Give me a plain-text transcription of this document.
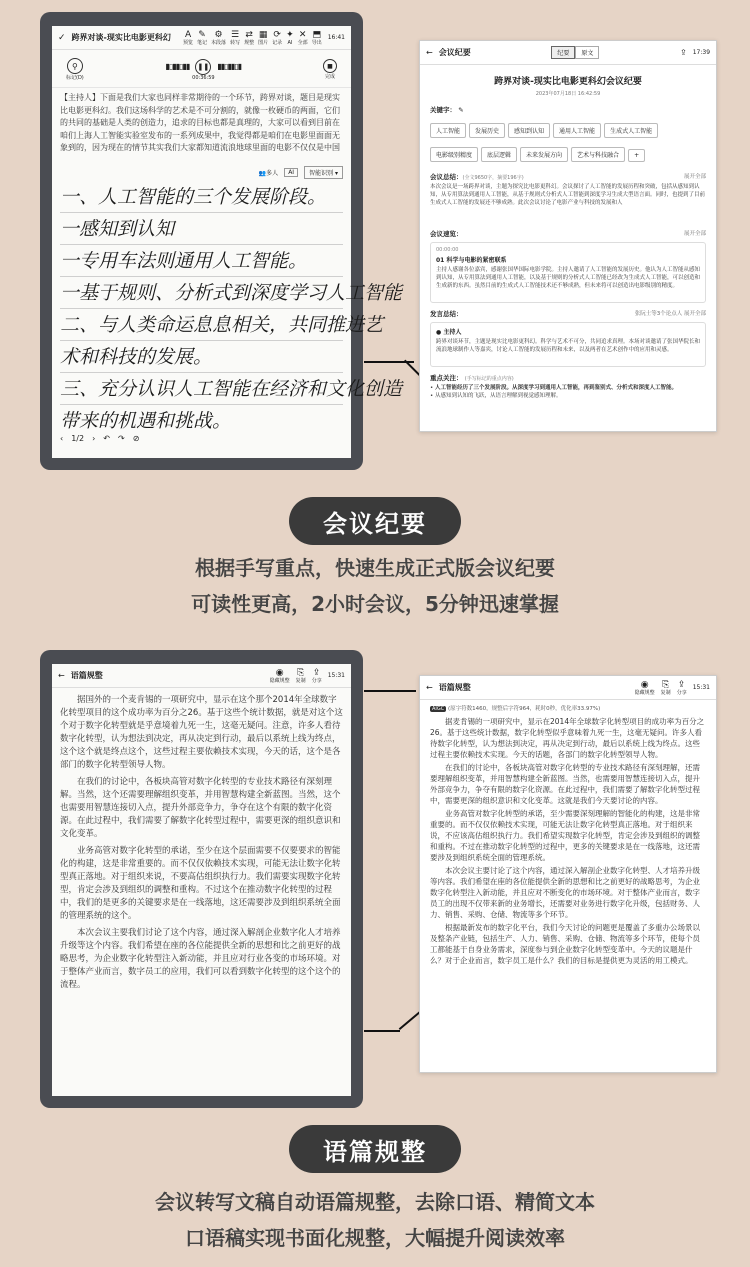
✓ 跨界对谈-现实比电影更科幻 A
预览
✎
笔记
⚙
本段落
☰
转写
⇄
规整
▦
图片
⟳
记录
✦
AI
✕
全部
⬒
导出
16:41
⚲
标记(D)
▮▯▮▮▯▮▮	❚❚ ▮▮▯▮▮▯▮
00:36:59
■
完成
【主持人】下面是我们大家也同样非常期待的一个环节，跨界对谈，题目是现实比电影更科幻。我们这场科学的艺术是不可分割的，就像一枚硬币的两面，它们的共同的基础是人类的创造力，追求的目标也都是真理的，大家可以看到目前在咱们上海人工智能实验室发布的一系列成果中，我觉得都是咱们在电影里面面无象到的，因为现在的情节其实我们大家都知道流浪地球里面的电影不仅仅是中国
👥多人	AI	智能识别 ▾
一、人工智能的三个发展阶段。
一感知到认知
一专用车法则通用人工智能。
一基于规则、分析式到深度学习人工智能
二、与人类命运息息相关，共同推进艺
术和科技的发展。
三、充分认识人工智能在经济和文化创造
带来的机遇和挑战。
‹ 1/2 › ↶ ↷ ⊘
← 会议纪要	纪要	原文	⇪ 17:39
跨界对谈-现实比电影更科幻会议纪要
2023年07月18日 16:42:59
关键字： ✎
人工智能	发展历史	感知到认知	通用人工智能	生成式人工智能电影级别精度	底层逻辑	未来发展方向	艺术与科技融合	+
会议总结：(全文9650字，摘要196字)	展开全部
本次会议是一场跨界对谈，主题为探究比电影更科幻。会议探讨了人工智能的发展历程和突破，包括从感知到认知，从专用算法到通用人工智能，从基于规则式分析式人工智能到深度学习生成大型语言面。同时，也提到了目前生成式人工智能的发展还不够成熟。此次会议讨论了电影产业与科技的发展和人
会议速览：	展开全部
00:00:00
01 科学与电影的紧密联系
主持人感谢各位嘉宾，感谢张国华国际电影学院。主持人邀请了人工智能的发展历史。他认为人工智能从感知到认知，从专用算法到通用人工智能，以及基于规则的分析式人工智能已经改为生成式人工智能，可以创造和生成新的东西。虽然目前的生成式人工智能技术还不够成熟，但未来将可以创造出电影级别的精度。
发言总结：	张阮士等3个论点人 展开全部
● 主持人
跨界对谈环节，主题是现实比电影更科幻。科学与艺术不可分，共同追求真理。本场对谈邀请了张国华院长和流浪地球制作人等嘉宾，讨论人工智能的发展历程和未来，以及两者在艺术创作中的应用和灵感。
重点关注： (手写标记的重点内容)
• 人工智能经历了三个发展阶段。从深度学习到通用人工智能，再到鉴别式、分析式和深度人工智能。
• 从感知到认知的飞跃，从语言理解到视觉感知理解。
会议纪要
根据手写重点，快速生成正式版会议纪要
可读性更高，2小时会议，5分钟迅速掌握
← 语篇规整	◉
隐藏规整
⎘
复制
⇪
分享
15:31
据国外的一个麦肯锡的一项研究中，显示在这个那个2014年全球数字化转型项目的这个成功率为百分之26。基于这些个统计数据，就是对这个这个对于数字化转型就是乎意境着九死一生，这毫无疑问。注意，许多人看待数字化转型，认为想法到决定，再从决定到行动，最后以系统上线为终点，这个这个就是终点这个，这些过程主要依赖技术实现，今天的话，这个是各部门的数字化转型领导人物。
在我们的讨论中，各板块高管对数字化转型的专业技术路径有深刻理解。当然，这个还需要理解组织变革，并用智慧构建全新蓝图。当然，这个也需要用智慧连接切入点，提升外部竞争力，争夺在这个有限的数字化资源。在此过程中，我们需要了解数字化转型过程中，需要更深的组织意识和文化变革。
业务高管对数字化转型的承诺，至少在这个层面需要不仅要要求的智能化的构建，这是非常重要的。而不仅仅依赖技术实现，可能无法让数字化转型真正落地。对于组织来说，不要高估组织执行力。我们需要实现数字化转型，肯定会涉及到组织的调整和重构。不过这个在推动数字化转型的过程中，我们的是更多的关键要求是在一线落地，这还需要涉及到组织系统全面的管理系统的这个。
本次会议主要我们讨论了这个内容，通过深入解剖企业数字化人才培养升级等这个内容。我们希望在座的各位能提供全新的思想和比之前更好的战略思考，为企业数字化转型注入新动能，并且应对行业各变的市场环境。对于整体产业而言，数字员工的应用，我们可以看到数字化转型的这个这个的流程。
← 语篇规整	◉
隐藏规整
⎘
复制
⇪
分享
15:31
AIGC (原字符数1460，规整后字符964，耗时0秒，优化率33.97%)
据麦肯锡的一项研究中，显示在2014年全球数字化转型项目的成功率为百分之26。基于这些统计数据，数字化转型似乎意味着九死一生，这毫无疑问。许多人看待数字化转型，认为想法到决定，再从决定到行动，最后以系统上线为终点。这些过程主要依赖技术实现。今天的话题，各部门的数字化转型领导人物。
在我们的讨论中，各板块高管对数字化转型的专业技术路径有深刻理解，还需要理解组织变革，并用智慧构建全新蓝图。当然，也需要用智慧连接切入点，提升外部竞争力，争夺有限的数字化资源。在此过程中，我们需要了解数字化转型过程中，需要更深的组织意识和文化变革。这就是我们今天要讨论的内容。
业务高管对数字化转型的承诺，至少需要深刻理解的智能化的构建，这是非常重要的。而不仅仅依赖技术实现，可能无法让数字化转型真正落地。对于组织来说，不应该高估组织执行力。我们希望实现数字化转型，肯定会涉及到组织的调整和重构。不过在推动数字化转型的过程中，更多的关键要求是在一线落地，这还需要涉及到组织系统全面的管理系统。
本次会议主要讨论了这个内容，通过深入解剖企业数字化转型、人才培养升级等内容。我们希望在座的各位能提供全新的思想和比之前更好的战略思考，为企业数字化转型注入新动能，并且应对不断变化的市场环境。对于整体产业而言，数字员工的出现不仅带来新的业务增长，还需要对业务进行数字化升级，包括财务、人力、销售、采购、仓储、物流等多个环节。
根据最新发布的数字化平台，我们今天讨论的问题更是覆盖了多重办公场景以及整条产业链，包括生产、人力、销售、采购、仓储、物流等多个环节，使每个员工都能基于自身业务需求，深度参与到企业数字化转型变革中。今天的议题是什么？对于企业而言，数字员工是什么？我们的目标是提供更为灵活的用工模式。
语篇规整
会议转写文稿自动语篇规整，去除口语、精简文本
口语稿实现书面化规整，大幅提升阅读效率
